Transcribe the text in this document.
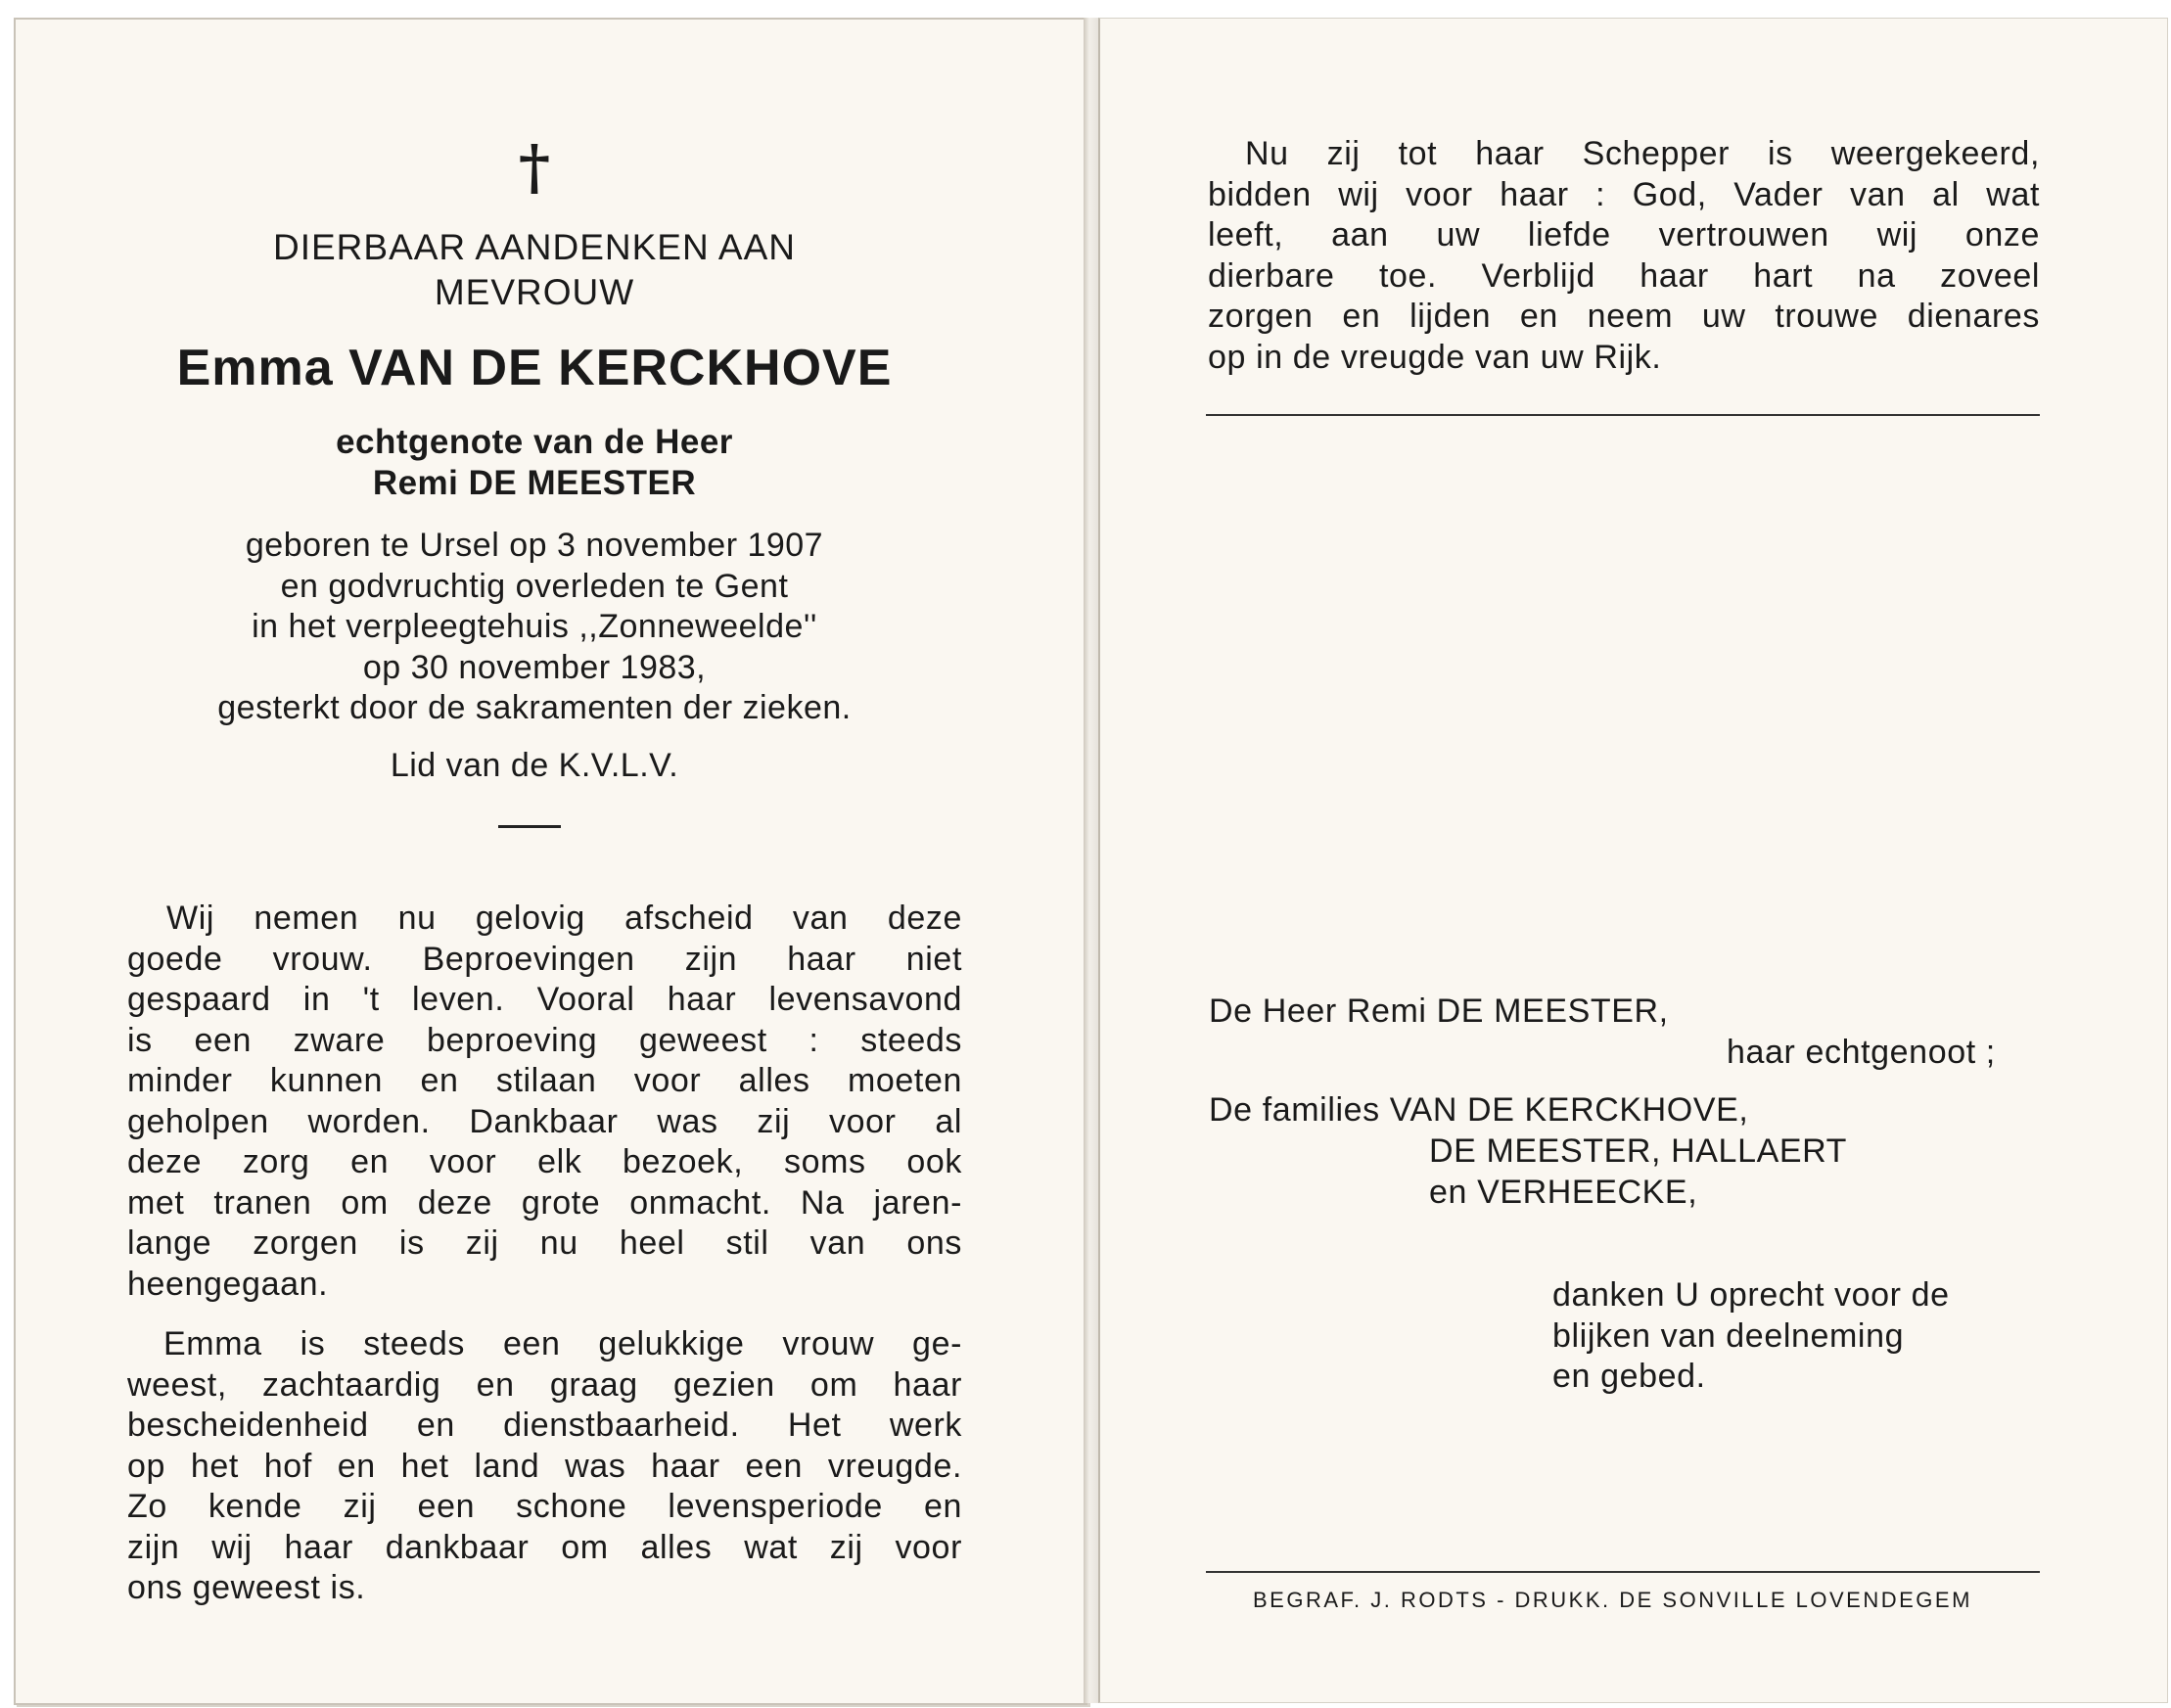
†
DIERBAAR AANDENKEN AAN
MEVROUW
Emma VAN DE KERCKHOVE
echtgenote van de Heer
Remi DE MEESTER
geboren te Ursel op 3 november 1907
en godvruchtig overleden te Gent
in het verpleegtehuis ,,Zonneweelde''
op 30 november 1983,
gesterkt door de sakramenten der zieken.
Lid van de K.V.L.V.
Wij nemen nu gelovig afscheid van deze
goede vrouw. Beproevingen zijn haar niet
gespaard in 't leven. Vooral haar levensavond
is een zware beproeving geweest : steeds
minder kunnen en stilaan voor alles moeten
geholpen worden. Dankbaar was zij voor al
deze zorg en voor elk bezoek, soms ook
met tranen om deze grote onmacht. Na jaren-
lange zorgen is zij nu heel stil van ons
heengegaan.
Emma is steeds een gelukkige vrouw ge-
weest, zachtaardig en graag gezien om haar
bescheidenheid en dienstbaarheid. Het werk
op het hof en het land was haar een vreugde.
Zo kende zij een schone levensperiode en
zijn wij haar dankbaar om alles wat zij voor
ons geweest is.
Nu zij tot haar Schepper is weergekeerd,
bidden wij voor haar : God, Vader van al wat
leeft, aan uw liefde vertrouwen wij onze
dierbare toe. Verblijd haar hart na zoveel
zorgen en lijden en neem uw trouwe dienares
op in de vreugde van uw Rijk.
De Heer Remi DE MEESTER,
haar echtgenoot ;
De families VAN DE KERCKHOVE,
DE MEESTER, HALLAERT
en VERHEECKE,
danken U oprecht voor de
blijken van deelneming
en gebed.
BEGRAF. J. RODTS - DRUKK. DE SONVILLE LOVENDEGEM
